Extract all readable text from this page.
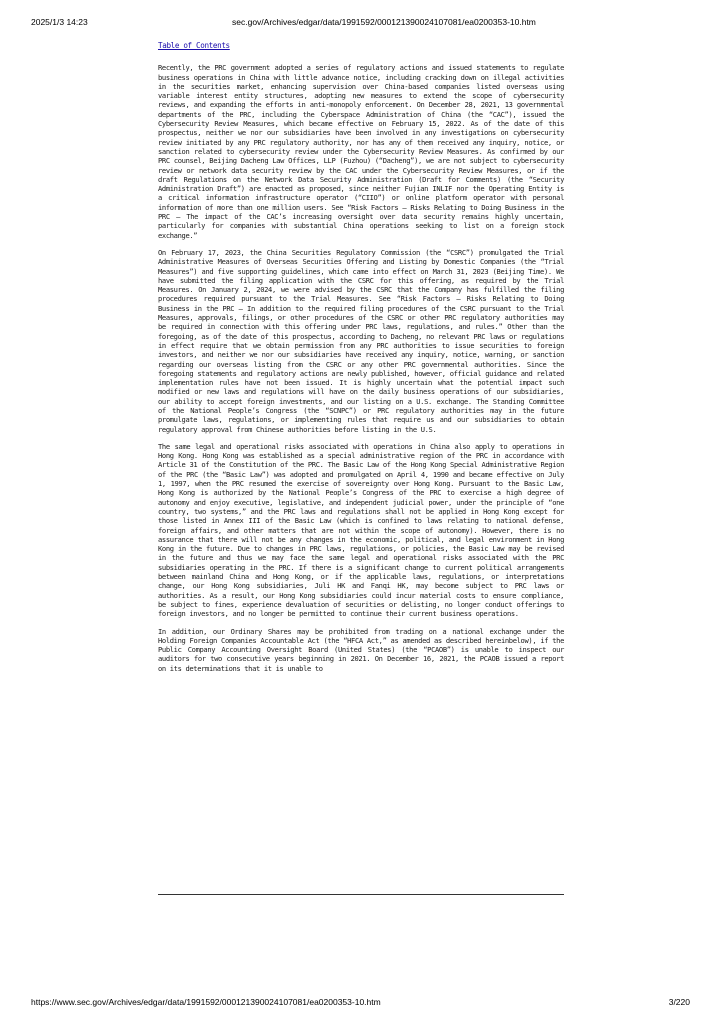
2025/1/3 14:23	sec.gov/Archives/edgar/data/1991592/000121390024107081/ea0200353-10.htm
Table of Contents

Recently, the PRC government adopted a series of regulatory actions and issued statements to regulate business operations in China with little advance notice, including cracking down on illegal activities in the securities market, enhancing supervision over China-based companies listed overseas using variable interest entity structures, adopting new measures to extend the scope of cybersecurity reviews, and expanding the efforts in anti-monopoly enforcement. On December 28, 2021, 13 governmental departments of the PRC, including the Cyberspace Administration of China (the “CAC”), issued the Cybersecurity Review Measures, which became effective on February 15, 2022. As of the date of this prospectus, neither we nor our subsidiaries have been involved in any investigations on cybersecurity review initiated by any PRC regulatory authority, nor has any of them received any inquiry, notice, or sanction related to cybersecurity review under the Cybersecurity Review Measures. As confirmed by our PRC counsel, Beijing Dacheng Law Offices, LLP (Fuzhou) (“Dacheng”), we are not subject to cybersecurity review or network data security review by the CAC under the Cybersecurity Review Measures, or if the draft Regulations on the Network Data Security Administration (Draft for Comments) (the “Security Administration Draft”) are enacted as proposed, since neither Fujian INLIF nor the Operating Entity is a critical information infrastructure operator (“CIIO”) or online platform operator with personal information of more than one million users. See “Risk Factors — Risks Relating to Doing Business in the PRC — The impact of the CAC’s increasing oversight over data security remains highly uncertain, particularly for companies with substantial China operations seeking to list on a foreign stock exchange.”

On February 17, 2023, the China Securities Regulatory Commission (the “CSRC”) promulgated the Trial Administrative Measures of Overseas Securities Offering and Listing by Domestic Companies (the “Trial Measures”) and five supporting guidelines, which came into effect on March 31, 2023 (Beijing Time). We have submitted the filing application with the CSRC for this offering, as required by the Trial Measures. On January 2, 2024, we were advised by the CSRC that the Company has fulfilled the filing procedures required pursuant to the Trial Measures. See “Risk Factors — Risks Relating to Doing Business in the PRC — In addition to the required filing procedures of the CSRC pursuant to the Trial Measures, approvals, filings, or other procedures of the CSRC or other PRC regulatory authorities may be required in connection with this offering under PRC laws, regulations, and rules.” Other than the foregoing, as of the date of this prospectus, according to Dacheng, no relevant PRC laws or regulations in effect require that we obtain permission from any PRC authorities to issue securities to foreign investors, and neither we nor our subsidiaries have received any inquiry, notice, warning, or sanction regarding our overseas listing from the CSRC or any other PRC governmental authorities. Since the foregoing statements and regulatory actions are newly published, however, official guidance and related implementation rules have not been issued. It is highly uncertain what the potential impact such modified or new laws and regulations will have on the daily business operations of our subsidiaries, our ability to accept foreign investments, and our listing on a U.S. exchange. The Standing Committee of the National People’s Congress (the “SCNPC”) or PRC regulatory authorities may in the future promulgate laws, regulations, or implementing rules that require us and our subsidiaries to obtain regulatory approval from Chinese authorities before listing in the U.S.

The same legal and operational risks associated with operations in China also apply to operations in Hong Kong. Hong Kong was established as a special administrative region of the PRC in accordance with Article 31 of the Constitution of the PRC. The Basic Law of the Hong Kong Special Administrative Region of the PRC (the “Basic Law”) was adopted and promulgated on April 4, 1990 and became effective on July 1, 1997, when the PRC resumed the exercise of sovereignty over Hong Kong. Pursuant to the Basic Law, Hong Kong is authorized by the National People’s Congress of the PRC to exercise a high degree of autonomy and enjoy executive, legislative, and independent judicial power, under the principle of “one country, two systems,” and the PRC laws and regulations shall not be applied in Hong Kong except for those listed in Annex III of the Basic Law (which is confined to laws relating to national defense, foreign affairs, and other matters that are not within the scope of autonomy). However, there is no assurance that there will not be any changes in the economic, political, and legal environment in Hong Kong in the future. Due to changes in PRC laws, regulations, or policies, the Basic Law may be revised in the future and thus we may face the same legal and operational risks associated with the PRC subsidiaries operating in the PRC. If there is a significant change to current political arrangements between mainland China and Hong Kong, or if the applicable laws, regulations, or interpretations change, our Hong Kong subsidiaries, Juli HK and Fanqi HK, may become subject to PRC laws or authorities. As a result, our Hong Kong subsidiaries could incur material costs to ensure compliance, be subject to fines, experience devaluation of securities or delisting, no longer conduct offerings to foreign investors, and no longer be permitted to continue their current business operations.

In addition, our Ordinary Shares may be prohibited from trading on a national exchange under the Holding Foreign Companies Accountable Act (the “HFCA Act,” as amended as described hereinbelow), if the Public Company Accounting Oversight Board (United States) (the “PCAOB”) is unable to inspect our auditors for two consecutive years beginning in 2021. On December 16, 2021, the PCAOB issued a report on its determinations that it is unable to

https://www.sec.gov/Archives/edgar/data/1991592/000121390024107081/ea0200353-10.htm	3/220
